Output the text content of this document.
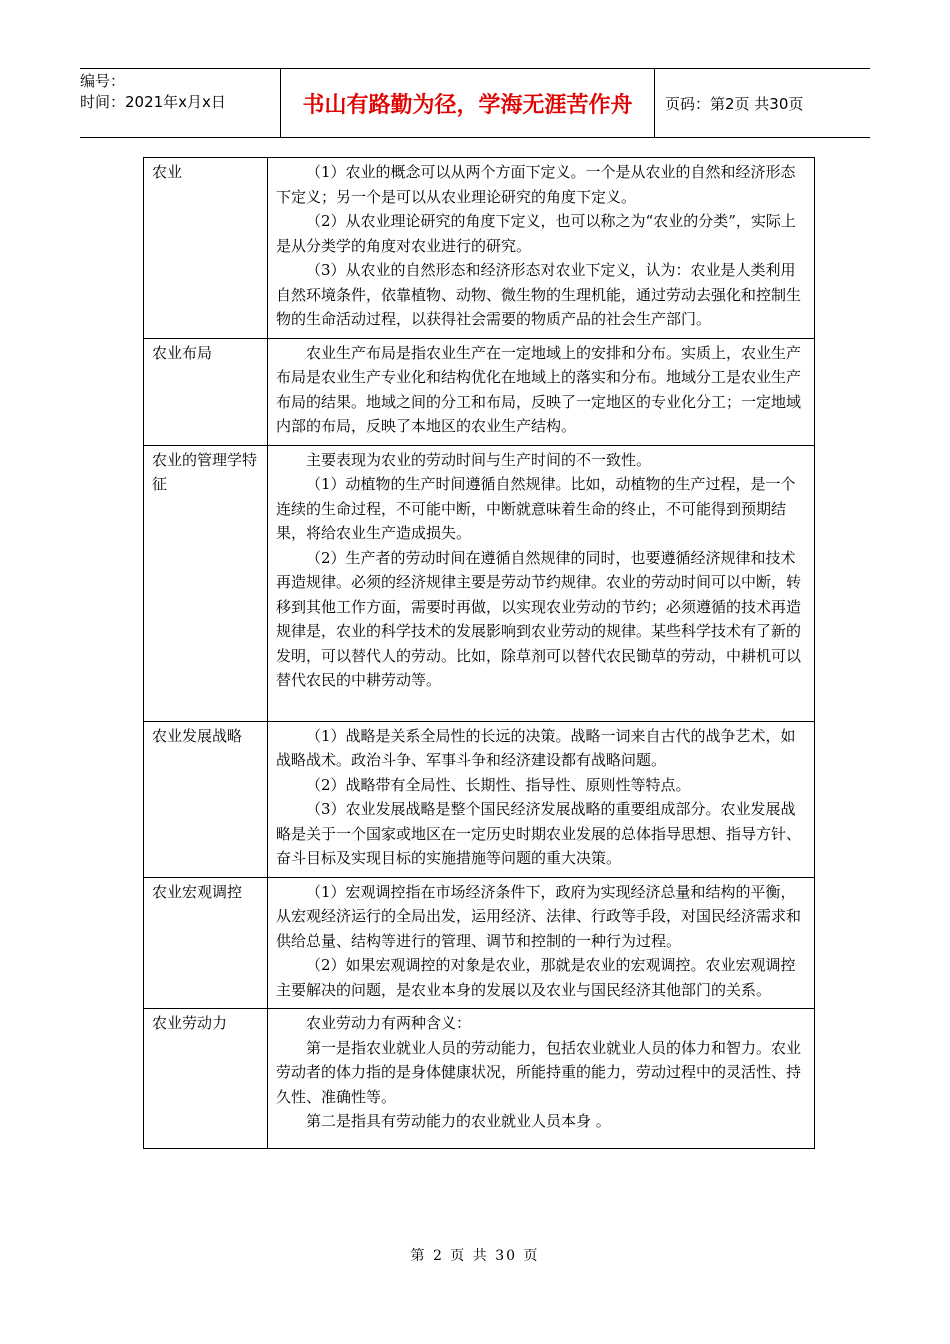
编号：
时间：2021年x月x日	书山有路勤为径，学海无涯苦作舟	页码：第2页 共30页
农业	（1）农业的概念可以从两个方面下定义。一个是从农业的自然和经济形态下定义；另一个是可以从农业理论研究的角度下定义。

（2）从农业理论研究的角度下定义，也可以称之为“农业的分类”，实际上是从分类学的角度对农业进行的研究。

（3）从农业的自然形态和经济形态对农业下定义，认为：农业是人类利用自然环境条件，依靠植物、动物、微生物的生理机能，通过劳动去强化和控制生物的生命活动过程，以获得社会需要的物质产品的社会生产部门。

农业布局	农业生产布局是指农业生产在一定地域上的安排和分布。实质上，农业生产布局是农业生产专业化和结构优化在地域上的落实和分布。地域分工是农业生产布局的结果。地域之间的分工和布局，反映了一定地区的专业化分工；一定地域内部的布局，反映了本地区的农业生产结构。

农业的管理学特征	主要表现为农业的劳动时间与生产时间的不一致性。

（1）动植物的生产时间遵循自然规律。比如，动植物的生产过程，是一个连续的生命过程，不可能中断，中断就意味着生命的终止，不可能得到预期结果，将给农业生产造成损失。

（2）生产者的劳动时间在遵循自然规律的同时，也要遵循经济规律和技术再造规律。必须的经济规律主要是劳动节约规律。农业的劳动时间可以中断，转移到其他工作方面，需要时再做，以实现农业劳动的节约；必须遵循的技术再造规律是，农业的科学技术的发展影响到农业劳动的规律。某些科学技术有了新的发明，可以替代人的劳动。比如，除草剂可以替代农民锄草的劳动，中耕机可以替代农民的中耕劳动等。

农业发展战略	（1）战略是关系全局性的长远的决策。战略一词来自古代的战争艺术，如战略战术。政治斗争、军事斗争和经济建设都有战略问题。

（2）战略带有全局性、长期性、指导性、原则性等特点。

（3）农业发展战略是整个国民经济发展战略的重要组成部分。农业发展战略是关于一个国家或地区在一定历史时期农业发展的总体指导思想、指导方针、奋斗目标及实现目标的实施措施等问题的重大决策。

农业宏观调控	（1）宏观调控指在市场经济条件下，政府为实现经济总量和结构的平衡，从宏观经济运行的全局出发，运用经济、法律、行政等手段，对国民经济需求和供给总量、结构等进行的管理、调节和控制的一种行为过程。

（2）如果宏观调控的对象是农业，那就是农业的宏观调控。农业宏观调控主要解决的问题，是农业本身的发展以及农业与国民经济其他部门的关系。

农业劳动力	农业劳动力有两种含义：

第一是指农业就业人员的劳动能力，包括农业就业人员的体力和智力。农业劳动者的体力指的是身体健康状况，所能持重的能力，劳动过程中的灵活性、持久性、准确性等。

第二是指具有劳动能力的农业就业人员本身 。

第 2 页 共 30 页
